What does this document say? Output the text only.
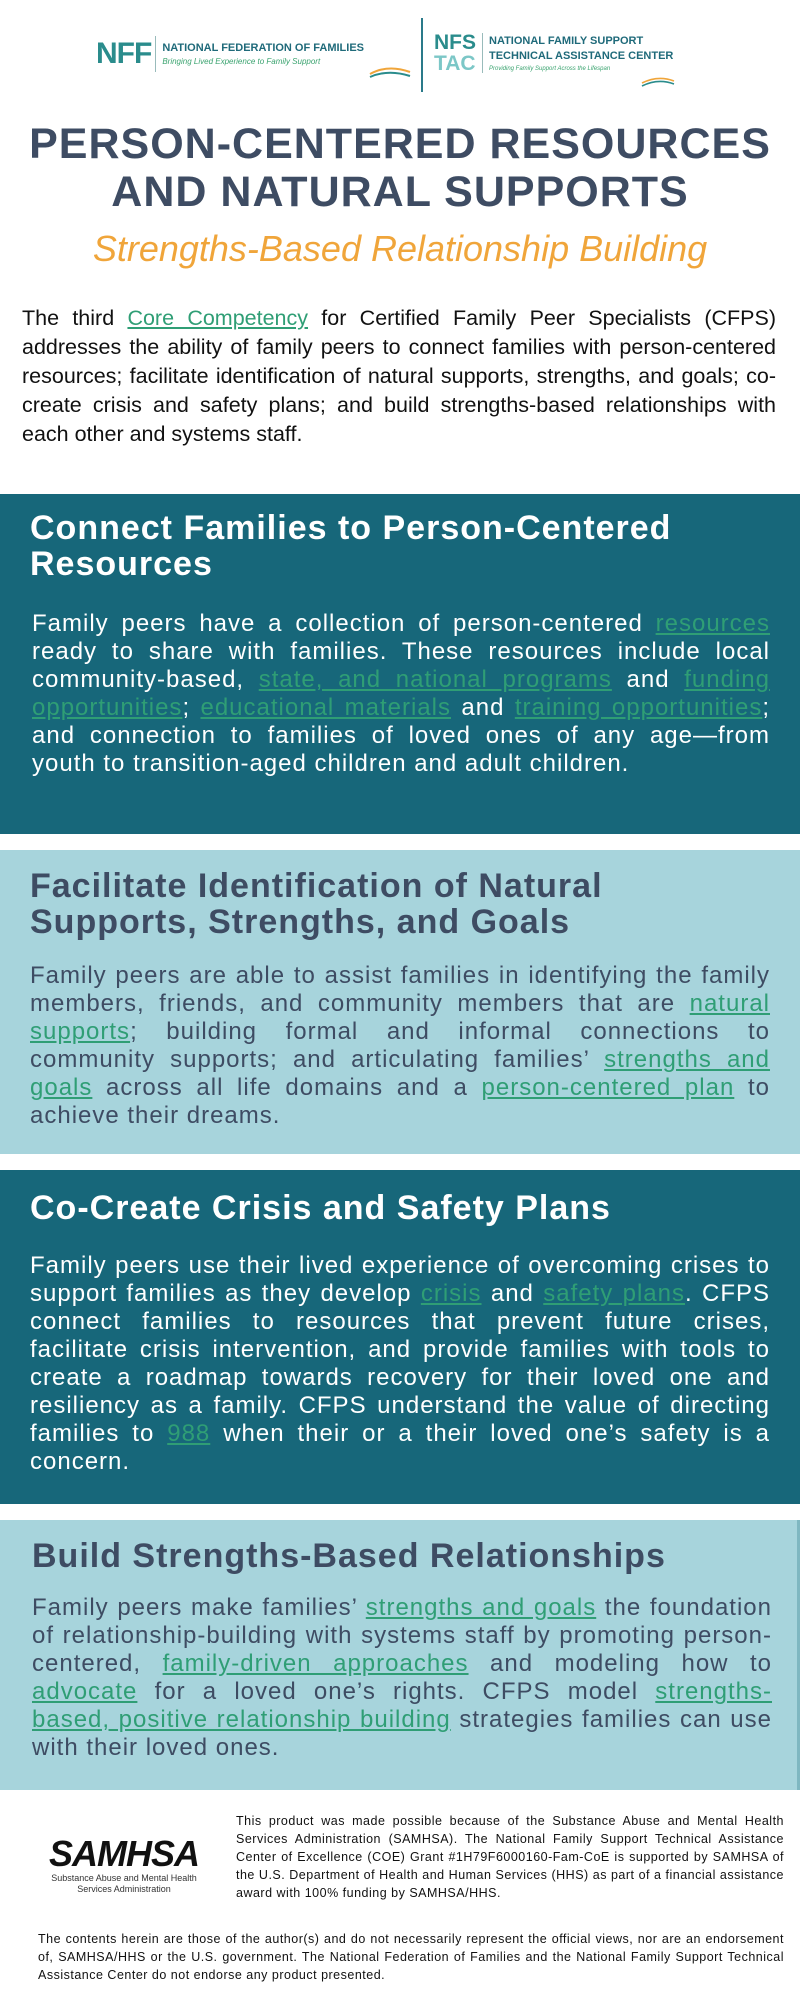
NFF NATIONAL FEDERATION OF FAMILIES
Bringing Lived Experience to Family Support
NFS
TAC
NATIONAL FAMILY SUPPORT
TECHNICAL ASSISTANCE CENTER
Providing Family Support Across the Lifespan
PERSON-CENTERED RESOURCES
AND NATURAL SUPPORTS
Strengths-Based Relationship Building

The third Core Competency for Certified Family Peer Specialists (CFPS) addresses the ability of family peers to connect families with person-centered resources; facilitate identification of natural supports, strengths, and goals; co-create crisis and safety plans; and build strengths-based relationships with each other and systems staff.

Connect Families to Person-Centered Resources

Family peers have a collection of person-centered resources ready to share with families. These resources include local community-based, state, and national programs and funding opportunities; educational materials and training opportunities; and connection to families of loved ones of any age—from youth to transition-aged children and adult children.

Facilitate Identification of Natural Supports, Strengths, and Goals

Family peers are able to assist families in identifying the family members, friends, and community members that are natural supports; building formal and informal connections to community supports; and articulating families’ strengths and goals across all life domains and a person-centered plan to achieve their dreams.

Co-Create Crisis and Safety Plans

Family peers use their lived experience of overcoming crises to support families as they develop crisis and safety plans. CFPS connect families to resources that prevent future crises, facilitate crisis intervention, and provide families with tools to create a roadmap towards recovery for their loved one and resiliency as a family. CFPS understand the value of directing families to 988 when their or a their loved one’s safety is a concern.

Build Strengths-Based Relationships

Family peers make families’ strengths and goals the foundation of relationship-building with systems staff by promoting person-centered, family-driven approaches and modeling how to advocate for a loved one’s rights. CFPS model strengths-based, positive relationship building strategies families can use with their loved ones.

SAMHSA
Substance Abuse and Mental Health Services Administration

This product was made possible because of the Substance Abuse and Mental Health Services Administration (SAMHSA). The National Family Support Technical Assistance Center of Excellence (COE) Grant #1H79F6000160-Fam-CoE is supported by SAMHSA of the U.S. Department of Health and Human Services (HHS) as part of a financial assistance award with 100% funding by SAMHSA/HHS.

The contents herein are those of the author(s) and do not necessarily represent the official views, nor are an endorsement of, SAMHSA/HHS or the U.S. government. The National Federation of Families and the National Family Support Technical Assistance Center do not endorse any product presented.
